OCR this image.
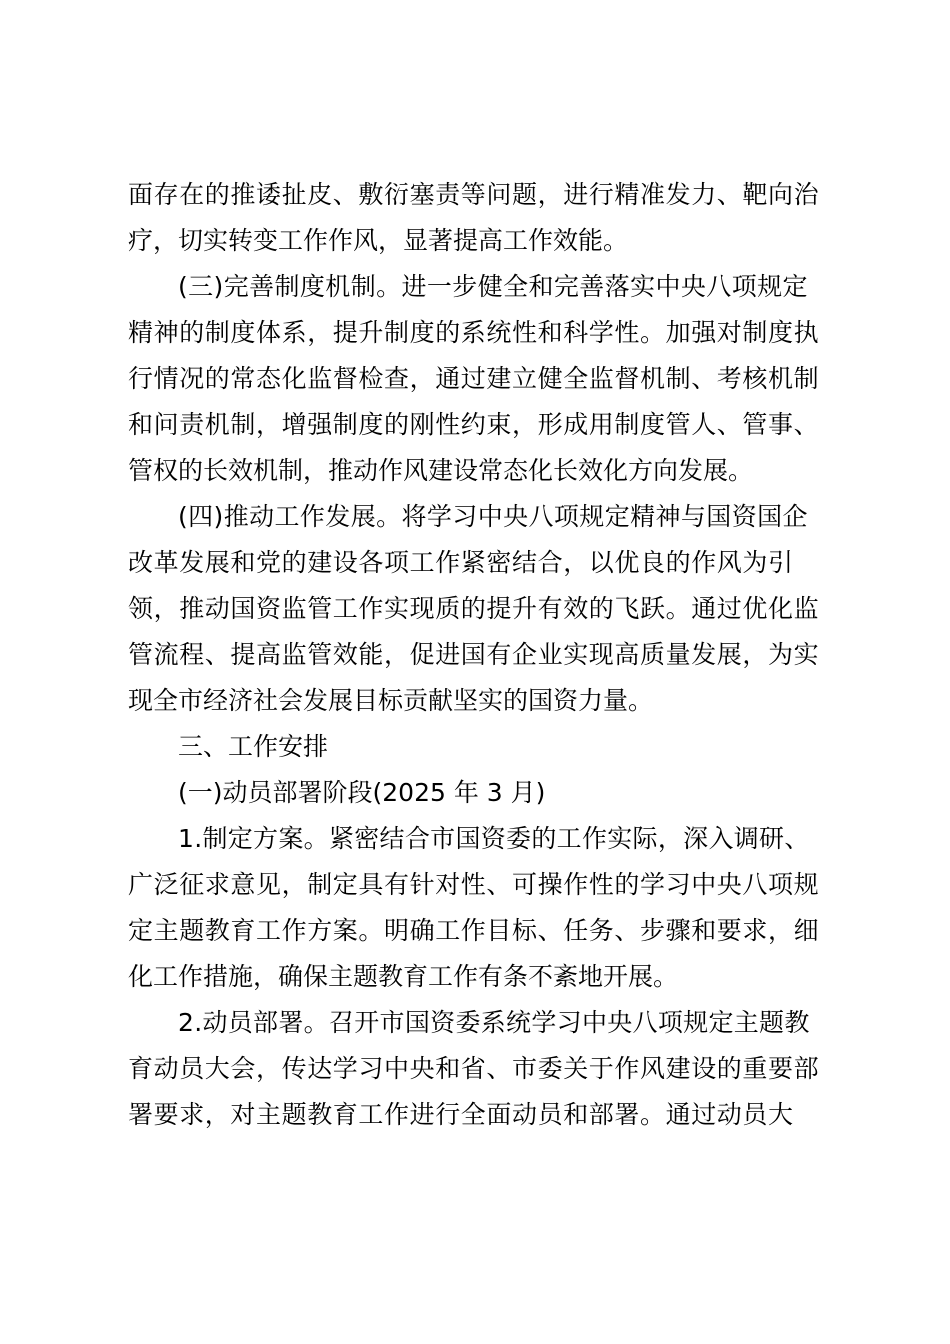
面存在的推诿扯皮、敷衍塞责等问题，进行精准发力、靶向治
疗，切实转变工作作风，显著提高工作效能。
(三)完善制度机制。进一步健全和完善落实中央八项规定
精神的制度体系，提升制度的系统性和科学性。加强对制度执
行情况的常态化监督检查，通过建立健全监督机制、考核机制
和问责机制，增强制度的刚性约束，形成用制度管人、管事、
管权的长效机制，推动作风建设常态化长效化方向发展。
(四)推动工作发展。将学习中央八项规定精神与国资国企
改革发展和党的建设各项工作紧密结合，以优良的作风为引
领，推动国资监管工作实现质的提升有效的飞跃。通过优化监
管流程、提高监管效能，促进国有企业实现高质量发展，为实
现全市经济社会发展目标贡献坚实的国资力量。
三、工作安排
(一)动员部署阶段(2025 年 3 月)
1.制定方案。紧密结合市国资委的工作实际，深入调研、
广泛征求意见，制定具有针对性、可操作性的学习中央八项规
定主题教育工作方案。明确工作目标、任务、步骤和要求，细
化工作措施，确保主题教育工作有条不紊地开展。
2.动员部署。召开市国资委系统学习中央八项规定主题教
育动员大会，传达学习中央和省、市委关于作风建设的重要部
署要求，对主题教育工作进行全面动员和部署。通过动员大
